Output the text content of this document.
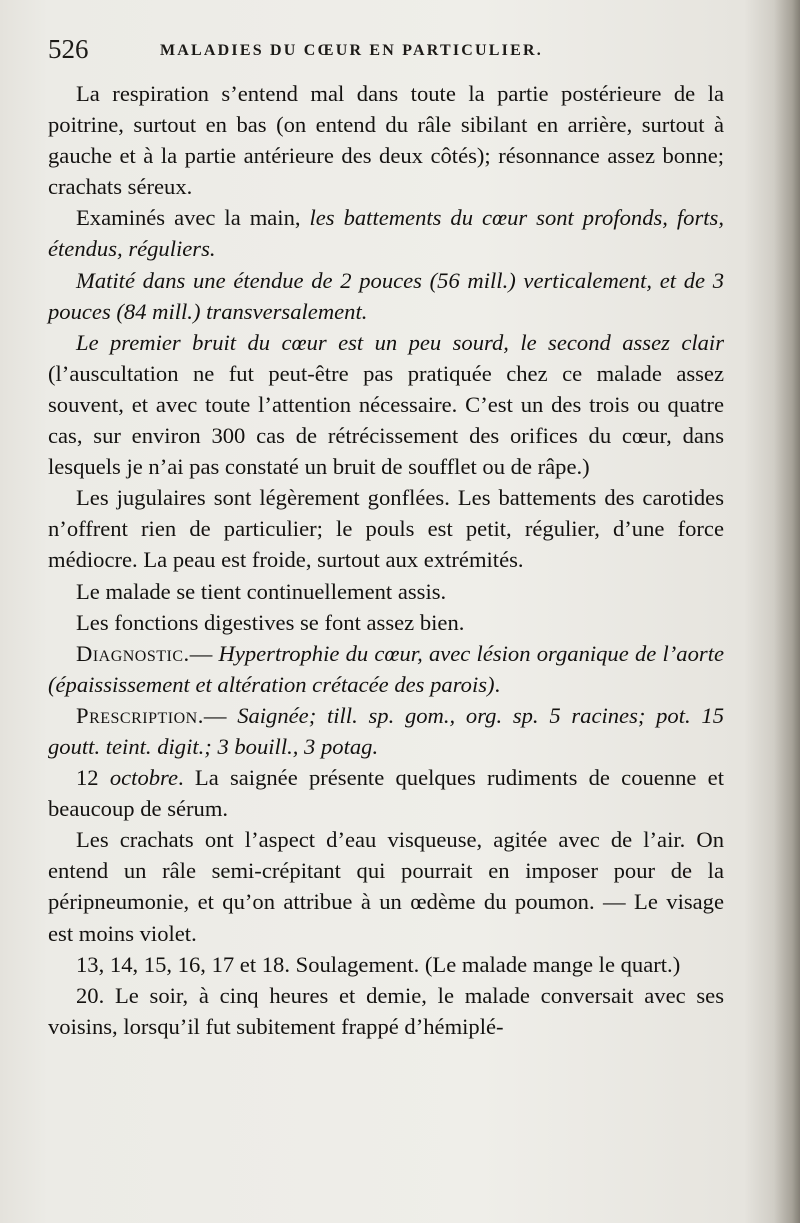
526	MALADIES DU CŒUR EN PARTICULIER.

La respiration s’entend mal dans toute la partie postérieure de la poitrine, surtout en bas (on entend du râle sibilant en arrière, surtout à gauche et à la partie antérieure des deux côtés); résonnance assez bonne; crachats séreux.

Examinés avec la main, les battements du cœur sont profonds, forts, étendus, réguliers.

Matité dans une étendue de 2 pouces (56 mill.) verticalement, et de 3 pouces (84 mill.) transversalement.

Le premier bruit du cœur est un peu sourd, le second assez clair (l’auscultation ne fut peut-être pas pratiquée chez ce malade assez souvent, et avec toute l’attention nécessaire. C’est un des trois ou quatre cas, sur environ 300 cas de rétrécissement des orifices du cœur, dans lesquels je n’ai pas constaté un bruit de soufflet ou de râpe.)

Les jugulaires sont légèrement gonflées. Les battements des carotides n’offrent rien de particulier; le pouls est petit, régulier, d’une force médiocre. La peau est froide, surtout aux extrémités.

Le malade se tient continuellement assis.

Les fonctions digestives se font assez bien.

Diagnostic.— Hypertrophie du cœur, avec lésion organique de l’aorte (épaississement et altération crétacée des parois).

Prescription.— Saignée; till. sp. gom., org. sp. 5 racines; pot. 15 goutt. teint. digit.; 3 bouill., 3 potag.

12 octobre. La saignée présente quelques rudiments de couenne et beaucoup de sérum.

Les crachats ont l’aspect d’eau visqueuse, agitée avec de l’air. On entend un râle semi-crépitant qui pourrait en imposer pour de la péripneumonie, et qu’on attribue à un œdème du poumon. — Le visage est moins violet.

13, 14, 15, 16, 17 et 18. Soulagement. (Le malade mange le quart.)

20. Le soir, à cinq heures et demie, le malade conversait avec ses voisins, lorsqu’il fut subitement frappé d’hémiplé-
